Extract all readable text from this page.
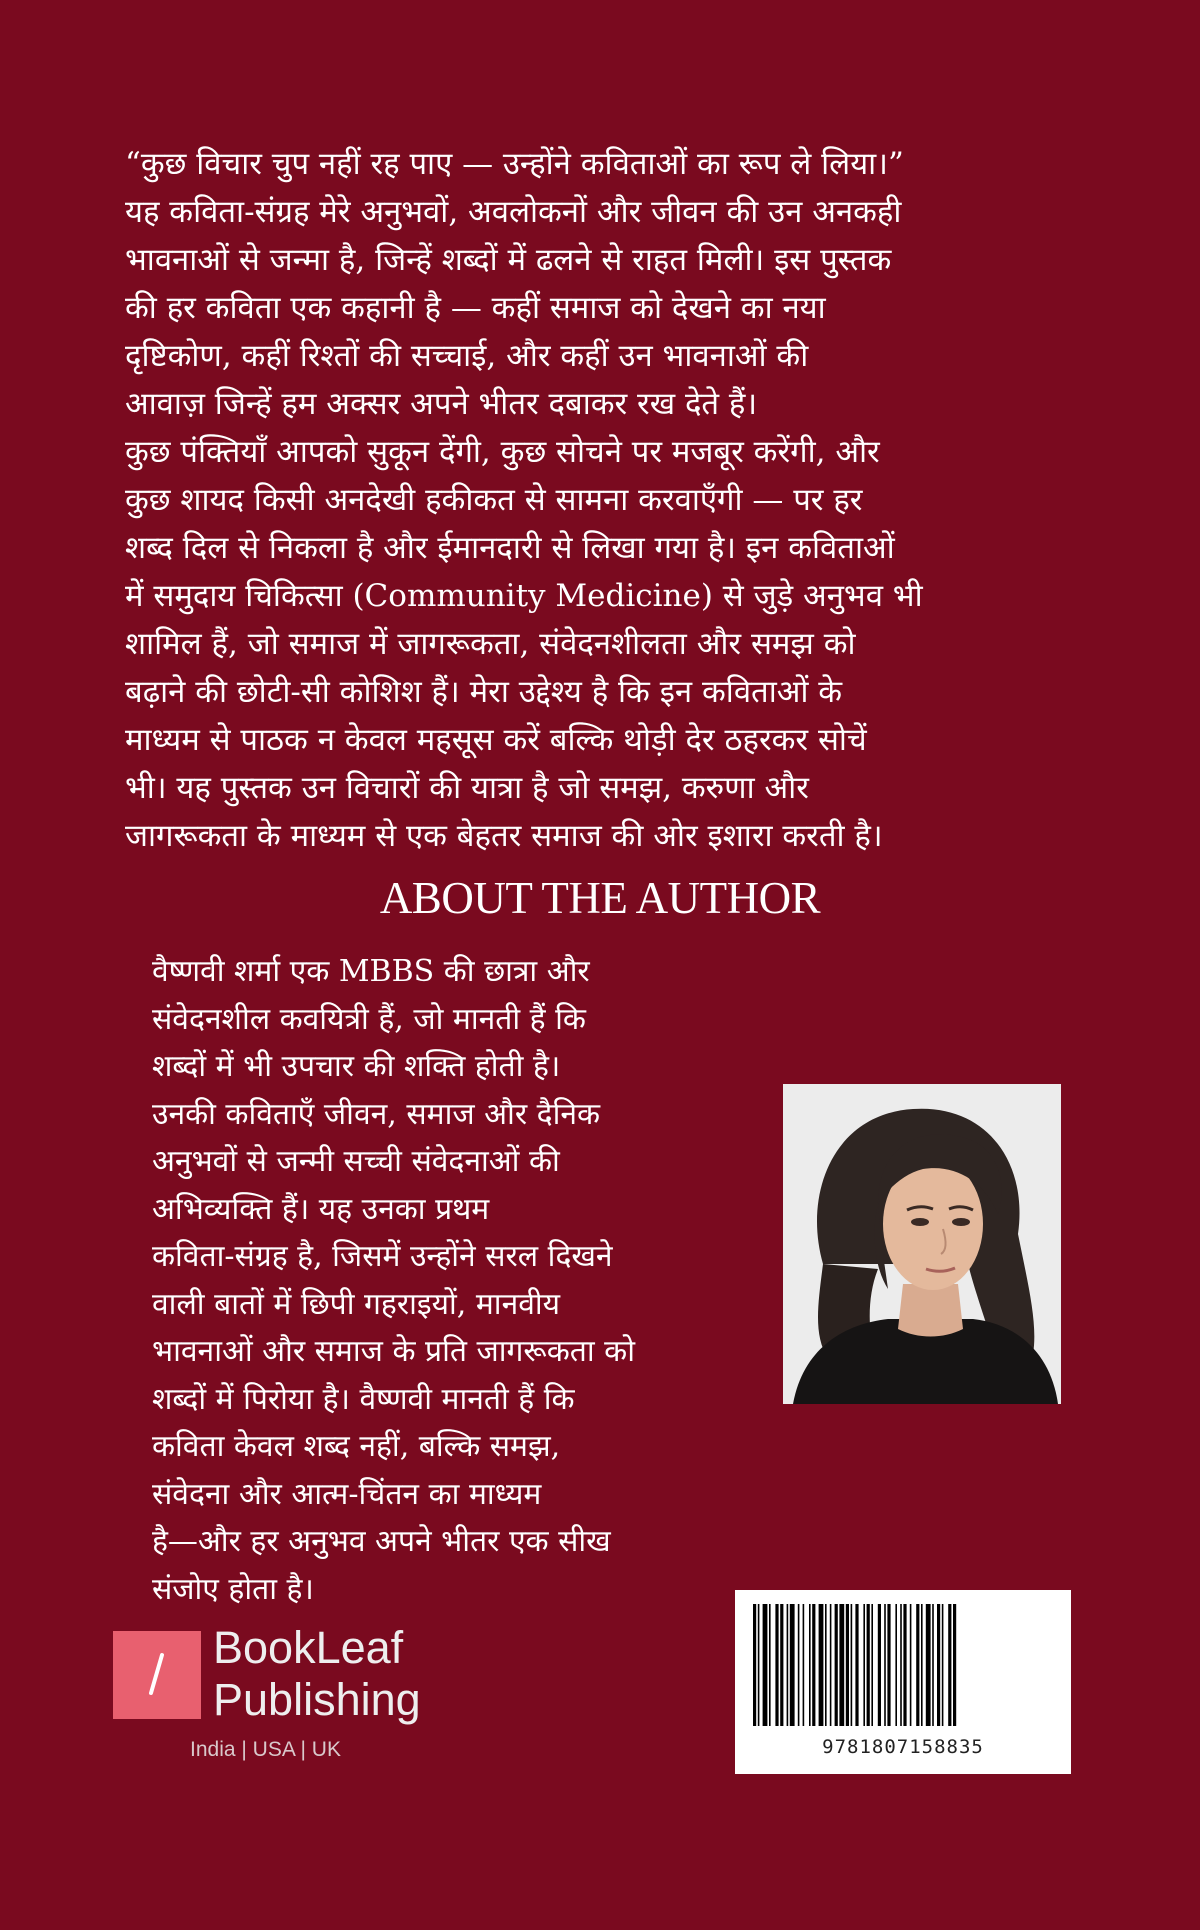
“कुछ विचार चुप नहीं रह पाए — उन्होंने कविताओं का रूप ले लिया।”

यह कविता-संग्रह मेरे अनुभवों, अवलोकनों और जीवन की उन अनकही

भावनाओं से जन्मा है, जिन्हें शब्दों में ढलने से राहत मिली। इस पुस्तक

की हर कविता एक कहानी है — कहीं समाज को देखने का नया

दृष्टिकोण, कहीं रिश्तों की सच्चाई, और कहीं उन भावनाओं की

आवाज़ जिन्हें हम अक्सर अपने भीतर दबाकर रख देते हैं।

कुछ पंक्तियाँ आपको सुकून देंगी, कुछ सोचने पर मजबूर करेंगी, और

कुछ शायद किसी अनदेखी हकीकत से सामना करवाएँगी — पर हर

शब्द दिल से निकला है और ईमानदारी से लिखा गया है। इन कविताओं

में समुदाय चिकित्सा (Community Medicine) से जुड़े अनुभव भी

शामिल हैं, जो समाज में जागरूकता, संवेदनशीलता और समझ को

बढ़ाने की छोटी-सी कोशिश हैं। मेरा उद्देश्य है कि इन कविताओं के

माध्यम से पाठक न केवल महसूस करें बल्कि थोड़ी देर ठहरकर सोचें

भी। यह पुस्तक उन विचारों की यात्रा है जो समझ, करुणा और

जागरूकता के माध्यम से एक बेहतर समाज की ओर इशारा करती है।

ABOUT THE AUTHOR
वैष्णवी शर्मा एक MBBS की छात्रा और
संवेदनशील कवयित्री हैं, जो मानती हैं कि
शब्दों में भी उपचार की शक्ति होती है।
उनकी कविताएँ जीवन, समाज और दैनिक
अनुभवों से जन्मी सच्ची संवेदनाओं की
अभिव्यक्ति हैं। यह उनका प्रथम
कविता-संग्रह है, जिसमें उन्होंने सरल दिखने
वाली बातों में छिपी गहराइयों, मानवीय
भावनाओं और समाज के प्रति जागरूकता को
शब्दों में पिरोया है। वैष्णवी मानती हैं कि
कविता केवल शब्द नहीं, बल्कि समझ,
संवेदना और आत्म-चिंतन का माध्यम
है—और हर अनुभव अपने भीतर एक सीख
संजोए होता है।
9781807158835
BookLeaf
Publishing
India | USA | UK
